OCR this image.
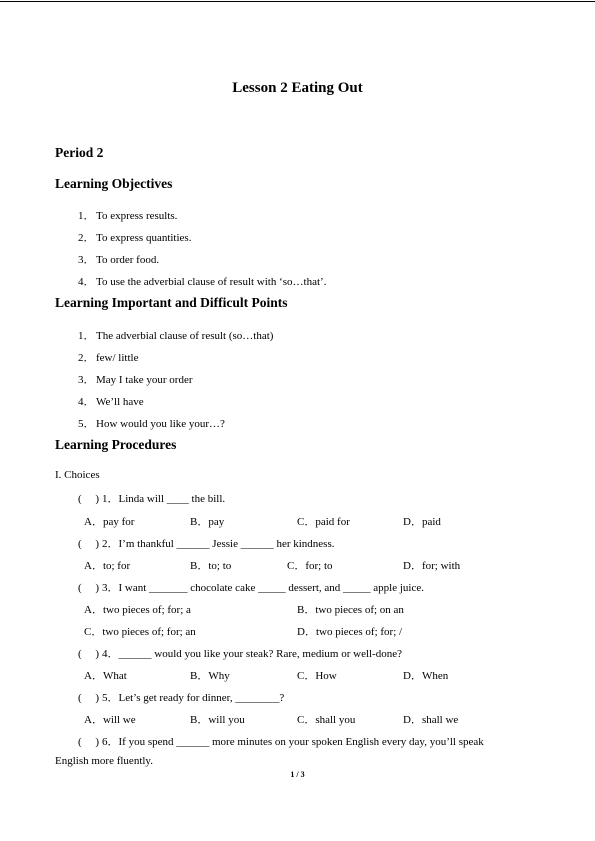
Lesson 2 Eating Out
Period 2
Learning Objectives
1． To express results.
2． To express quantities.
3． To order food.
4． To use the adverbial clause of result with ‘so…that’.
Learning Important and Difficult Points
1． The adverbial clause of result (so…that)
2． few/ little
3． May I take your order
4． We’ll have
5． How would you like your…?
Learning Procedures
I. Choices
(     ) 1．Linda will ____ the bill.
A．pay for	B．pay	C．paid for	D．paid
(     ) 2．I’m thankful ______ Jessie ______ her kindness.
A．to; for	B．to; to	C．for; to	D．for; with
(     ) 3．I want _______ chocolate cake _____ dessert, and _____ apple juice.
A．two pieces of; for; a	B．two pieces of; on an
C．two pieces of; for; an	D．two pieces of; for; /
(     ) 4．______ would you like your steak? Rare, medium or well-done?
A．What	B．Why	C．How	D．When
(     ) 5．Let’s get ready for dinner, ________?
A．will we	B．will you	C．shall you	D．shall we
(     ) 6．If you spend ______ more minutes on your spoken English every day, you’ll speak
English more fluently.
1 / 3
